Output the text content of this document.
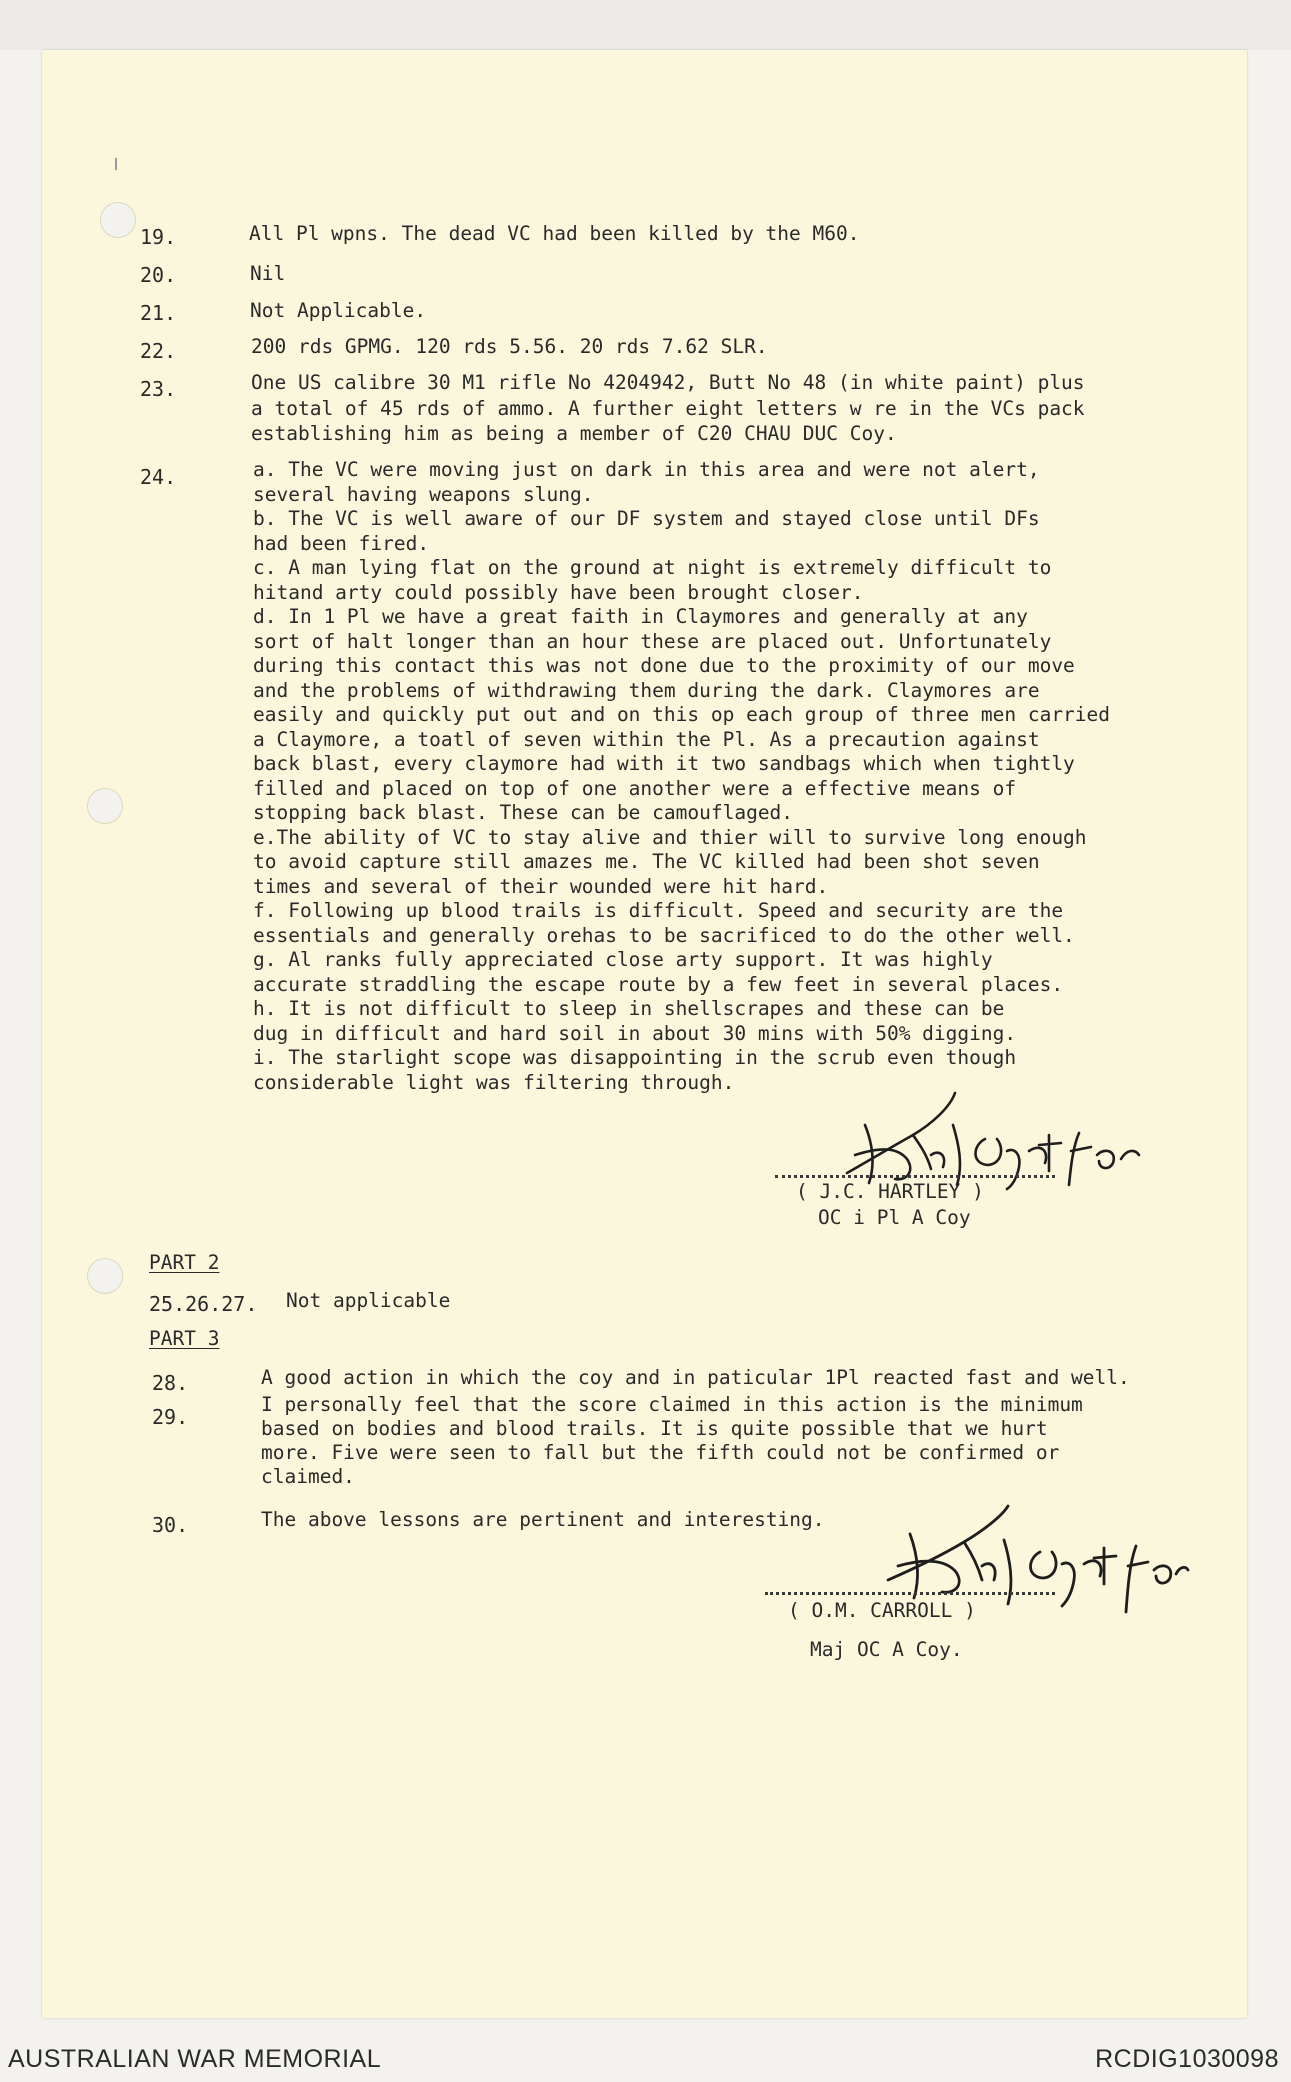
19.	All Pl wpns. The dead VC had been killed by the M60.
20.	Nil
21.	Not Applicable.
22.	200 rds GPMG. 120 rds 5.56. 20 rds 7.62 SLR.
23.	One US calibre 30 M1 rifle No 4204942, Butt No 48 (in white paint) plus
a total of 45 rds of ammo. A further eight letters w re in the VCs pack
establishing him as being a member of C20 CHAU DUC Coy.
24.	a. The VC were moving just on dark in this area and were not alert,
several having weapons slung.
b. The VC is well aware of our DF system and stayed close until DFs
had been fired.
c. A man lying flat on the ground at night is extremely difficult to
hitand arty could possibly have been brought closer.
d. In 1 Pl we have a great faith in Claymores and generally at any
sort of halt longer than an hour these are placed out. Unfortunately
during this contact this was not done due to the proximity of our move
and the problems of withdrawing them during the dark. Claymores are
easily and quickly put out and on this op each group of three men carried
a Claymore, a toatl of seven within the Pl. As a precaution against
back blast, every claymore had with it two sandbags which when tightly
filled and placed on top of one another were a effective means of
stopping back blast. These can be camouflaged.
e.The ability of VC to stay alive and thier will to survive long enough
to avoid capture still amazes me. The VC killed had been shot seven
times and several of their wounded were hit hard.
f. Following up blood trails is difficult. Speed and security are the
essentials and generally orehas to be sacrificed to do the other well.
g. Al ranks fully appreciated close arty support. It was highly
accurate straddling the escape route by a few feet in several places.
h. It is not difficult to sleep in shellscrapes and these can be
dug in difficult and hard soil in about 30 mins with 50% digging.
i. The starlight scope was disappointing in the scrub even though
considerable light was filtering through.
( J.C. HARTLEY )
OC i Pl A Coy
PART 2
25.26.27. Not applicable
PART 3
28.	A good action in which the coy and in paticular 1Pl reacted fast and well.
29.
I personally feel that the score claimed in this action is the minimum
based on bodies and blood trails. It is quite possible that we hurt
more. Five were seen to fall but the fifth could not be confirmed or
claimed.
30.	The above lessons are pertinent and interesting.
( O.M. CARROLL )
Maj OC A Coy.
AUSTRALIAN WAR MEMORIAL	RCDIG1030098
